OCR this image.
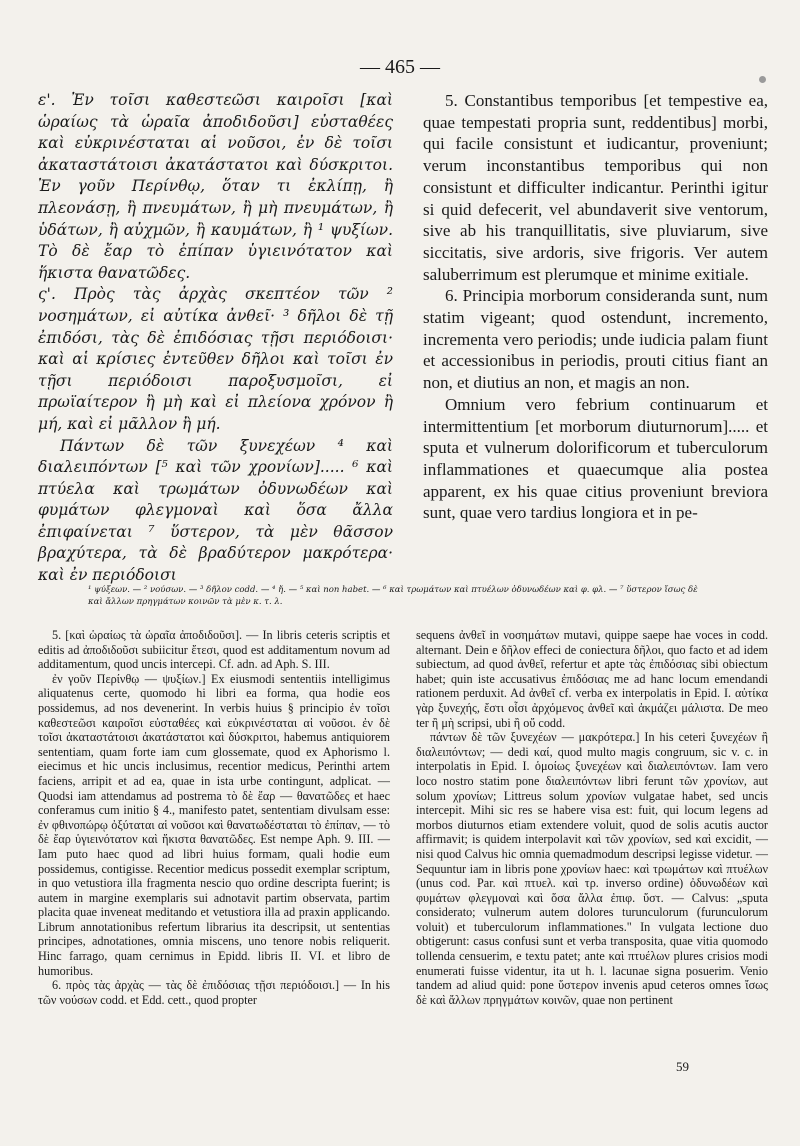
— 465 —

ε'. Ἐν τοῖσι καθεστεῶσι καιροῖσι [καὶ ὡραίως τὰ ὡραῖα ἀποδιδοῦσι] εὐσταθέες καὶ εὐκρινέσταται αἱ νοῦσοι, ἐν δὲ τοῖσι ἀκαταστάτοισι ἀκατάστατοι καὶ δύσκριτοι. Ἐν γοῦν Περίνθῳ, ὅταν τι ἐκλίπῃ, ἢ πλεονάσῃ, ἢ πνευμάτων, ἢ μὴ πνευμάτων, ἢ ὑδάτων, ἢ αὐχμῶν, ἢ καυμάτων, ἢ ¹ ψυξίων. Τὸ δὲ ἔαρ τὸ ἐπίπαν ὑγιεινότατον καὶ ἥκιστα θανατῶδες.

ς'. Πρὸς τὰς ἀρχὰς σκεπτέον τῶν ² νοσημάτων, εἰ αὐτίκα ἀνθεῖ· ³ δῆλοι δὲ τῇ ἐπιδόσι, τὰς δὲ ἐπιδόσιας τῇσι περιόδοισι· καὶ αἱ κρίσιες ἐντεῦθεν δῆλοι καὶ τοῖσι ἐν τῇσι περιόδοισι παροξυσμοῖσι, εἰ πρωϊαίτερον ἢ μὴ καὶ εἰ πλείονα χρόνον ἢ μή, καὶ εἰ μᾶλλον ἢ μή.

Πάντων δὲ τῶν ξυνεχέων ⁴ καὶ διαλειπόντων [⁵ καὶ τῶν χρονίων]..... ⁶ καὶ πτύελα καὶ τρωμάτων ὀδυνωδέων καὶ φυμάτων φλεγμοναὶ καὶ ὅσα ἄλλα ἐπιφαίνεται ⁷ ὕστερον, τὰ μὲν θᾶσσον βραχύτερα, τὰ δὲ βραδύτερον μακρότερα· καὶ ἐν περιόδοισι

5. Constantibus temporibus [et tempestive ea, quae tempestati propria sunt, reddentibus] morbi, qui facile consistunt et iudicantur, proveniunt; verum inconstantibus temporibus qui non consistunt et difficulter indicantur. Perinthi igitur si quid defecerit, vel abundaverit sive ventorum, sive ab his tranquillitatis, sive pluviarum, sive siccitatis, sive ardoris, sive frigoris. Ver autem saluberrimum est plerumque et minime exitiale.

6. Principia morborum consideranda sunt, num statim vigeant; quod ostendunt, incremento, incrementa vero periodis; unde iudicia palam fiunt et accessionibus in periodis, prouti citius fiant an non, et diutius an non, et magis an non.

Omnium vero febrium continuarum et intermittentium [et morborum diuturnorum]..... et sputa et vulnerum dolorificorum et tuberculorum inflammationes et quaecumque alia postea apparent, ex his quae citius proveniunt breviora sunt, quae vero tardius longiora et in pe-

¹ ψύξεων. — ² νούσων. — ³ δῆλον codd. — ⁴ ἤ. — ⁵ καὶ non habet. — ⁶ καὶ τρωμάτων καὶ πτυέλων ὀδυνωδέων καὶ φ. φλ. — ⁷ ὕστερον ἴσως δὲ
καὶ ἄλλων πρηγμάτων κοινῶν τὰ μὲν κ. τ. λ.

5. [καὶ ὡραίως τὰ ὡραῖα ἀποδιδοῦσι]. — In libris ceteris scriptis et editis ad ἀποδιδοῦσι subiicitur ἔτεσι, quod est additamentum novum ad additamentum, quod uncis intercepi. Cf. adn. ad Aph. S. III.

ἐν γοῦν Περίνθῳ — ψυξίων.] Ex eiusmodi sententiis intelligimus aliquatenus certe, quomodo hi libri ea forma, qua hodie eos possidemus, ad nos devenerint. In verbis huius § principio ἐν τοῖσι καθεστεῶσι καιροῖσι εὐσταθέες καὶ εὐκρινέσταται αἱ νοῦσοι. ἐν δὲ τοῖσι ἀκαταστάτοισι ἀκατάστατοι καὶ δύσκριτοι, habemus antiquiorem sententiam, quam forte iam cum glossemate, quod ex Aphorismo l. eiecimus et hic uncis inclusimus, recentior medicus, Perinthi artem faciens, arripit et ad ea, quae in ista urbe contingunt, adplicat. — Quodsi iam attendamus ad postrema τὸ δὲ ἔαρ — θανατῶδες et haec conferamus cum initio § 4., manifesto patet, sententiam divulsam esse: ἐν φθινοπώρῳ ὀξύταται αἱ νοῦσοι καὶ θανατωδέσταται τὸ ἐπίπαν, — τὸ δὲ ἔαρ ὑγιεινότατον καὶ ἥκιστα θανατῶδες. Est nempe Aph. 9. III. — Iam puto haec quod ad libri huius formam, quali hodie eum possidemus, contigisse. Recentior medicus possedit exemplar scriptum, in quo vetustiora illa fragmenta nescio quo ordine descripta fuerint; is autem in margine exemplaris sui adnotavit partim observata, partim placita quae inveneat meditando et vetustiora illa ad praxin applicando. Librum annotationibus refertum librarius ita descripsit, ut sententias principes, adnotationes, omnia miscens, uno tenore nobis reliquerit. Hinc farrago, quam cernimus in Epidd. libris II. VI. et libro de humoribus.

6. πρὸς τὰς ἀρχὰς — τὰς δὲ ἐπιδόσιας τῇσι περιόδοισι.] — In his τῶν νούσων codd. et Edd. cett., quod propter

sequens ἀνθεῖ in νοσημάτων mutavi, quippe saepe hae voces in codd. alternant. Dein e δῆλον effeci de coniectura δῆλοι, quo facto et ad idem subiectum, ad quod ἀνθεῖ, refertur et apte τὰς ἐπιδόσιας sibi obiectum habet; quin iste accusativus ἐπιδόσιας me ad hanc locum emendandi rationem perduxit. Ad ἀνθεῖ cf. verba ex interpolatis in Epid. I. αὐτίκα γὰρ ξυνεχής, ἔστι οἷσι ἀρχόμενος ἀνθεῖ καὶ ἀκμάζει μάλιστα. De meo ter ἢ μὴ scripsi, ubi ἢ οὔ codd.

πάντων δὲ τῶν ξυνεχέων — μακρότερα.] In his ceteri ξυνεχέων ἢ διαλειπόντων; — dedi καί, quod multo magis congruum, sic v. c. in interpolatis in Epid. I. ὁμοίως ξυνεχέων καὶ διαλειπόντων. Iam vero loco nostro statim pone διαλειπόντων libri ferunt τῶν χρονίων, aut solum χρονίων; Littreus solum χρονίων vulgatae habet, sed uncis intercepit. Mihi sic res se habere visa est: fuit, qui locum legens ad morbos diuturnos etiam extendere voluit, quod de solis acutis auctor affirmavit; is quidem interpolavit καὶ τῶν χρονίων, sed καὶ excidit, — nisi quod Calvus hic omnia quemadmodum descripsi legisse videtur. — Sequuntur iam in libris pone χρονίων haec: καὶ τρωμάτων καὶ πτυέλων (unus cod. Par. καὶ πτυελ. καὶ τρ. inverso ordine) ὀδυνωδέων καὶ φυμάτων φλεγμοναὶ καὶ ὅσα ἄλλα ἐπιφ. ὕστ. — Calvus: „sputa considerato; vulnerum autem dolores turunculorum (furunculorum voluit) et tuberculorum inflammationes." In vulgata lectione duo obtigerunt: casus confusi sunt et verba transposita, quae vitia quomodo tollenda censuerim, e textu patet; ante καὶ πτυέλων plures crisios modi enumerati fuisse videntur, ita ut h. l. lacunae signa posuerim. Venio tandem ad aliud quid: pone ὕστερον invenis apud ceteros omnes ἴσως δὲ καὶ ἄλλων πρηγμάτων κοινῶν, quae non pertinent

59
